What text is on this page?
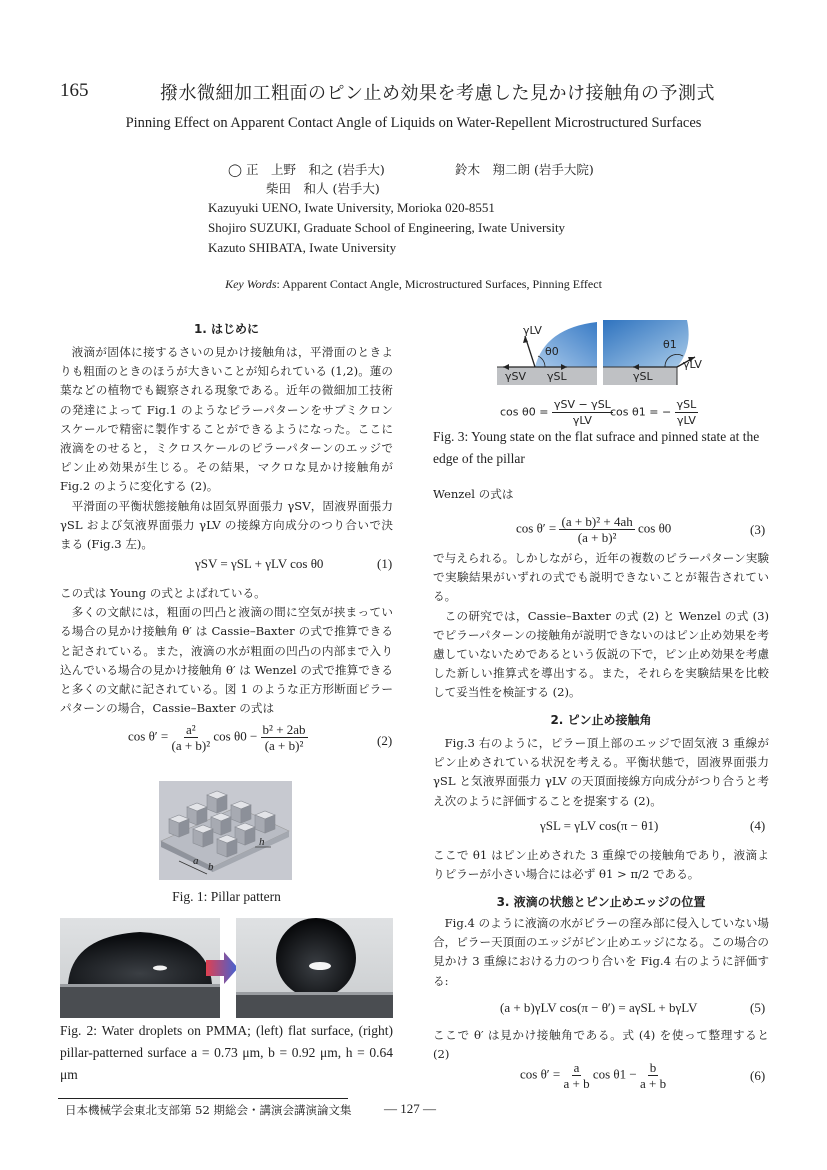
165	撥水微細加工粗面のピン止め効果を考慮した見かけ接触角の予測式
Pinning Effect on Apparent Contact Angle of Liquids on Water-Repellent Microstructured Surfaces
◯ 正　上野　和之 (岩手大)	鈴木　翔二朗 (岩手大院)
柴田　和人 (岩手大)
Kazuyuki UENO, Iwate University, Morioka 020-8551
Shojiro SUZUKI, Graduate School of Engineering, Iwate University
Kazuto SHIBATA, Iwate University
Key Words: Apparent Contact Angle, Microstructured Surfaces, Pinning Effect
1. はじめに

液滴が固体に接するさいの見かけ接触角は，平滑面のときよりも粗面のときのほうが大きいことが知られている (1,2)。蓮の葉などの植物でも観察される現象である。近年の微細加工技術の発達によって Fig.1 のようなピラーパターンをサブミクロンスケールで精密に製作することができるようになった。ここに液滴をのせると，ミクロスケールのピラーパターンのエッジでピン止め効果が生じる。その結果，マクロな見かけ接触角が Fig.2 のように変化する (2)。

平滑面の平衡状態接触角は固気界面張力 γSV，固液界面張力 γSL および気液界面張力 γLV の接線方向成分のつり合いで決まる (Fig.3 左)。

γSV = γSL + γLV cos θ0	(1)

この式は Young の式とよばれている。

多くの文献には，粗面の凹凸と液滴の間に空気が挟まっている場合の見かけ接触角 θ′ は Cassie–Baxter の式で推算できると記されている。また，液滴の水が粗面の凹凸の内部まで入り込んでいる場合の見かけ接触角 θ′ は Wenzel の式で推算できると多くの文献に記されている。図 1 のような正方形断面ピラーパターンの場合，Cassie–Baxter の式は

$\cos \theta' = \frac{\text{a²}}{\text{(a + b)²}}$ $\cos \theta 0 - \frac{\text{b² + 2ab}}{\text{(a + b)²}}$	(2)
a b
h
Fig. 1: Pillar pattern
Fig. 2: Water droplets on PMMA; (left) flat surface, (right) pillar-patterned surface a = 0.73 μm, b = 0.92 μm, h = 0.64 μm
γLV
θ0
γSV γSL
θ1
γLV
γSL
$\cos \theta 0 = \frac{\text{γSV − γSL}}{\text{γLV}}$
cos θ1 = − $\frac{\text{γSL}}{\text{γLV}}$
Fig. 3: Young state on the flat sufrace and pinned state at the edge of the pillar

Wenzel の式は

$\cos \theta' = \frac{\text{(a + b)² + 4ah}}{\text{(a + b)²}}$ cos θ0	(3)

で与えられる。しかしながら，近年の複数のピラーパターン実験で実験結果がいずれの式でも説明できないことが報告されている。

この研究では，Cassie–Baxter の式 (2) と Wenzel の式 (3) でピラーパターンの接触角が説明できないのはピン止め効果を考慮していないためであるという仮説の下で，ピン止め効果を考慮した新しい推算式を導出する。また，それらを実験結果を比較して妥当性を検証する (2)。

2. ピン止め接触角

Fig.3 右のように，ピラー頂上部のエッジで固気液 3 重線がピン止めされている状況を考える。平衡状態で，固液界面張力 γSL と気液界面張力 γLV の天頂面接線方向成分がつり合うと考え次のように評価することを提案する (2)。

γSL = γLV cos(π − θ1)	(4)

ここで θ1 はピン止めされた 3 重線での接触角であり，液滴よりピラーが小さい場合には必ず θ1 > π/2 である。

3. 液滴の状態とピン止めエッジの位置

Fig.4 のように液滴の水がピラーの窪み部に侵入していない場合，ピラー天頂面のエッジがピン止めエッジになる。この場合の見かけ 3 重線における力のつり合いを Fig.4 右のように評価する:

(a + b)γLV cos(π − θ′) = aγSL + bγLV	(5)

ここで θ′ は見かけ接触角である。式 (4) を使って整理すると (2)

$\cos \theta' = \frac{a}{a + b}$ $\cos \theta 1 - \frac{b}{a + b}$	(6)
日本機械学会東北支部第 52 期総会・講演会講演論文集	— 127 —
